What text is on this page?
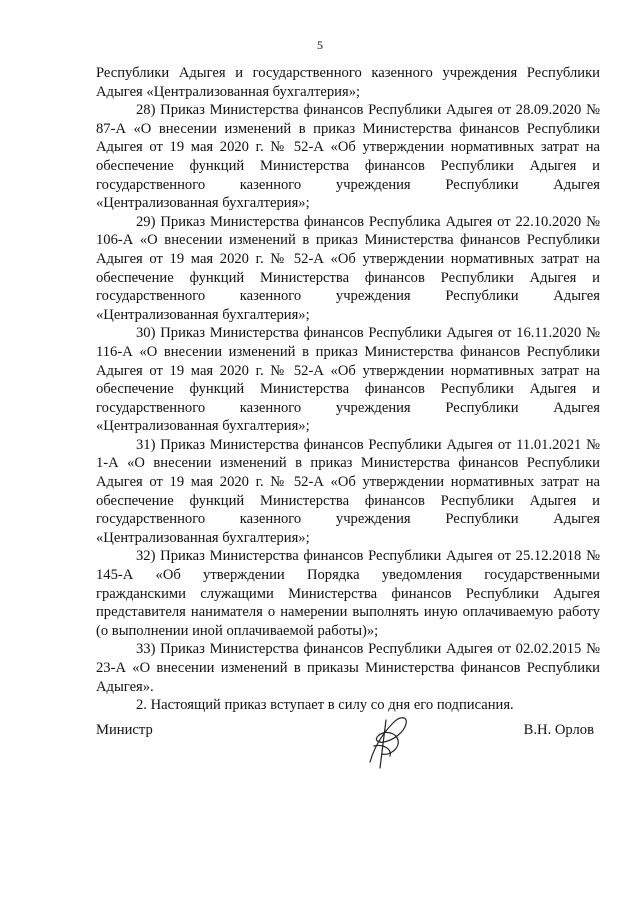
5

Республики Адыгея и государственного казенного учреждения Республики Адыгея «Централизованная бухгалтерия»;

28) Приказ Министерства финансов Республики Адыгея от 28.09.2020 № 87-А «О внесении изменений в приказ Министерства финансов Республики Адыгея от 19 мая 2020 г. № 52-А «Об утверждении нормативных затрат на обеспечение функций Министерства финансов Республики Адыгея и государственного казенного учреждения Республики Адыгея «Централизованная бухгалтерия»;

29) Приказ Министерства финансов Республика Адыгея от 22.10.2020 № 106-А «О внесении изменений в приказ Министерства финансов Республики Адыгея от 19 мая 2020 г. № 52-А «Об утверждении нормативных затрат на обеспечение функций Министерства финансов Республики Адыгея и государственного казенного учреждения Республики Адыгея «Централизованная бухгалтерия»;

30) Приказ Министерства финансов Республики Адыгея от 16.11.2020 № 116-А «О внесении изменений в приказ Министерства финансов Республики Адыгея от 19 мая 2020 г. № 52-А «Об утверждении нормативных затрат на обеспечение функций Министерства финансов Республики Адыгея и государственного казенного учреждения Республики Адыгея «Централизованная бухгалтерия»;

31) Приказ Министерства финансов Республики Адыгея от 11.01.2021 № 1-А «О внесении изменений в приказ Министерства финансов Республики Адыгея от 19 мая 2020 г. № 52-А «Об утверждении нормативных затрат на обеспечение функций Министерства финансов Республики Адыгея и государственного казенного учреждения Республики Адыгея «Централизованная бухгалтерия»;

32) Приказ Министерства финансов Республики Адыгея от 25.12.2018 № 145-А «Об утверждении Порядка уведомления государственными гражданскими служащими Министерства финансов Республики Адыгея представителя нанимателя о намерении выполнять иную оплачиваемую работу (о выполнении иной оплачиваемой работы)»;

33) Приказ Министерства финансов Республики Адыгея от 02.02.2015 № 23-А «О внесении изменений в приказы Министерства финансов Республики Адыгея».

2. Настоящий приказ вступает в силу со дня его подписания.

Министр	В.Н. Орлов
